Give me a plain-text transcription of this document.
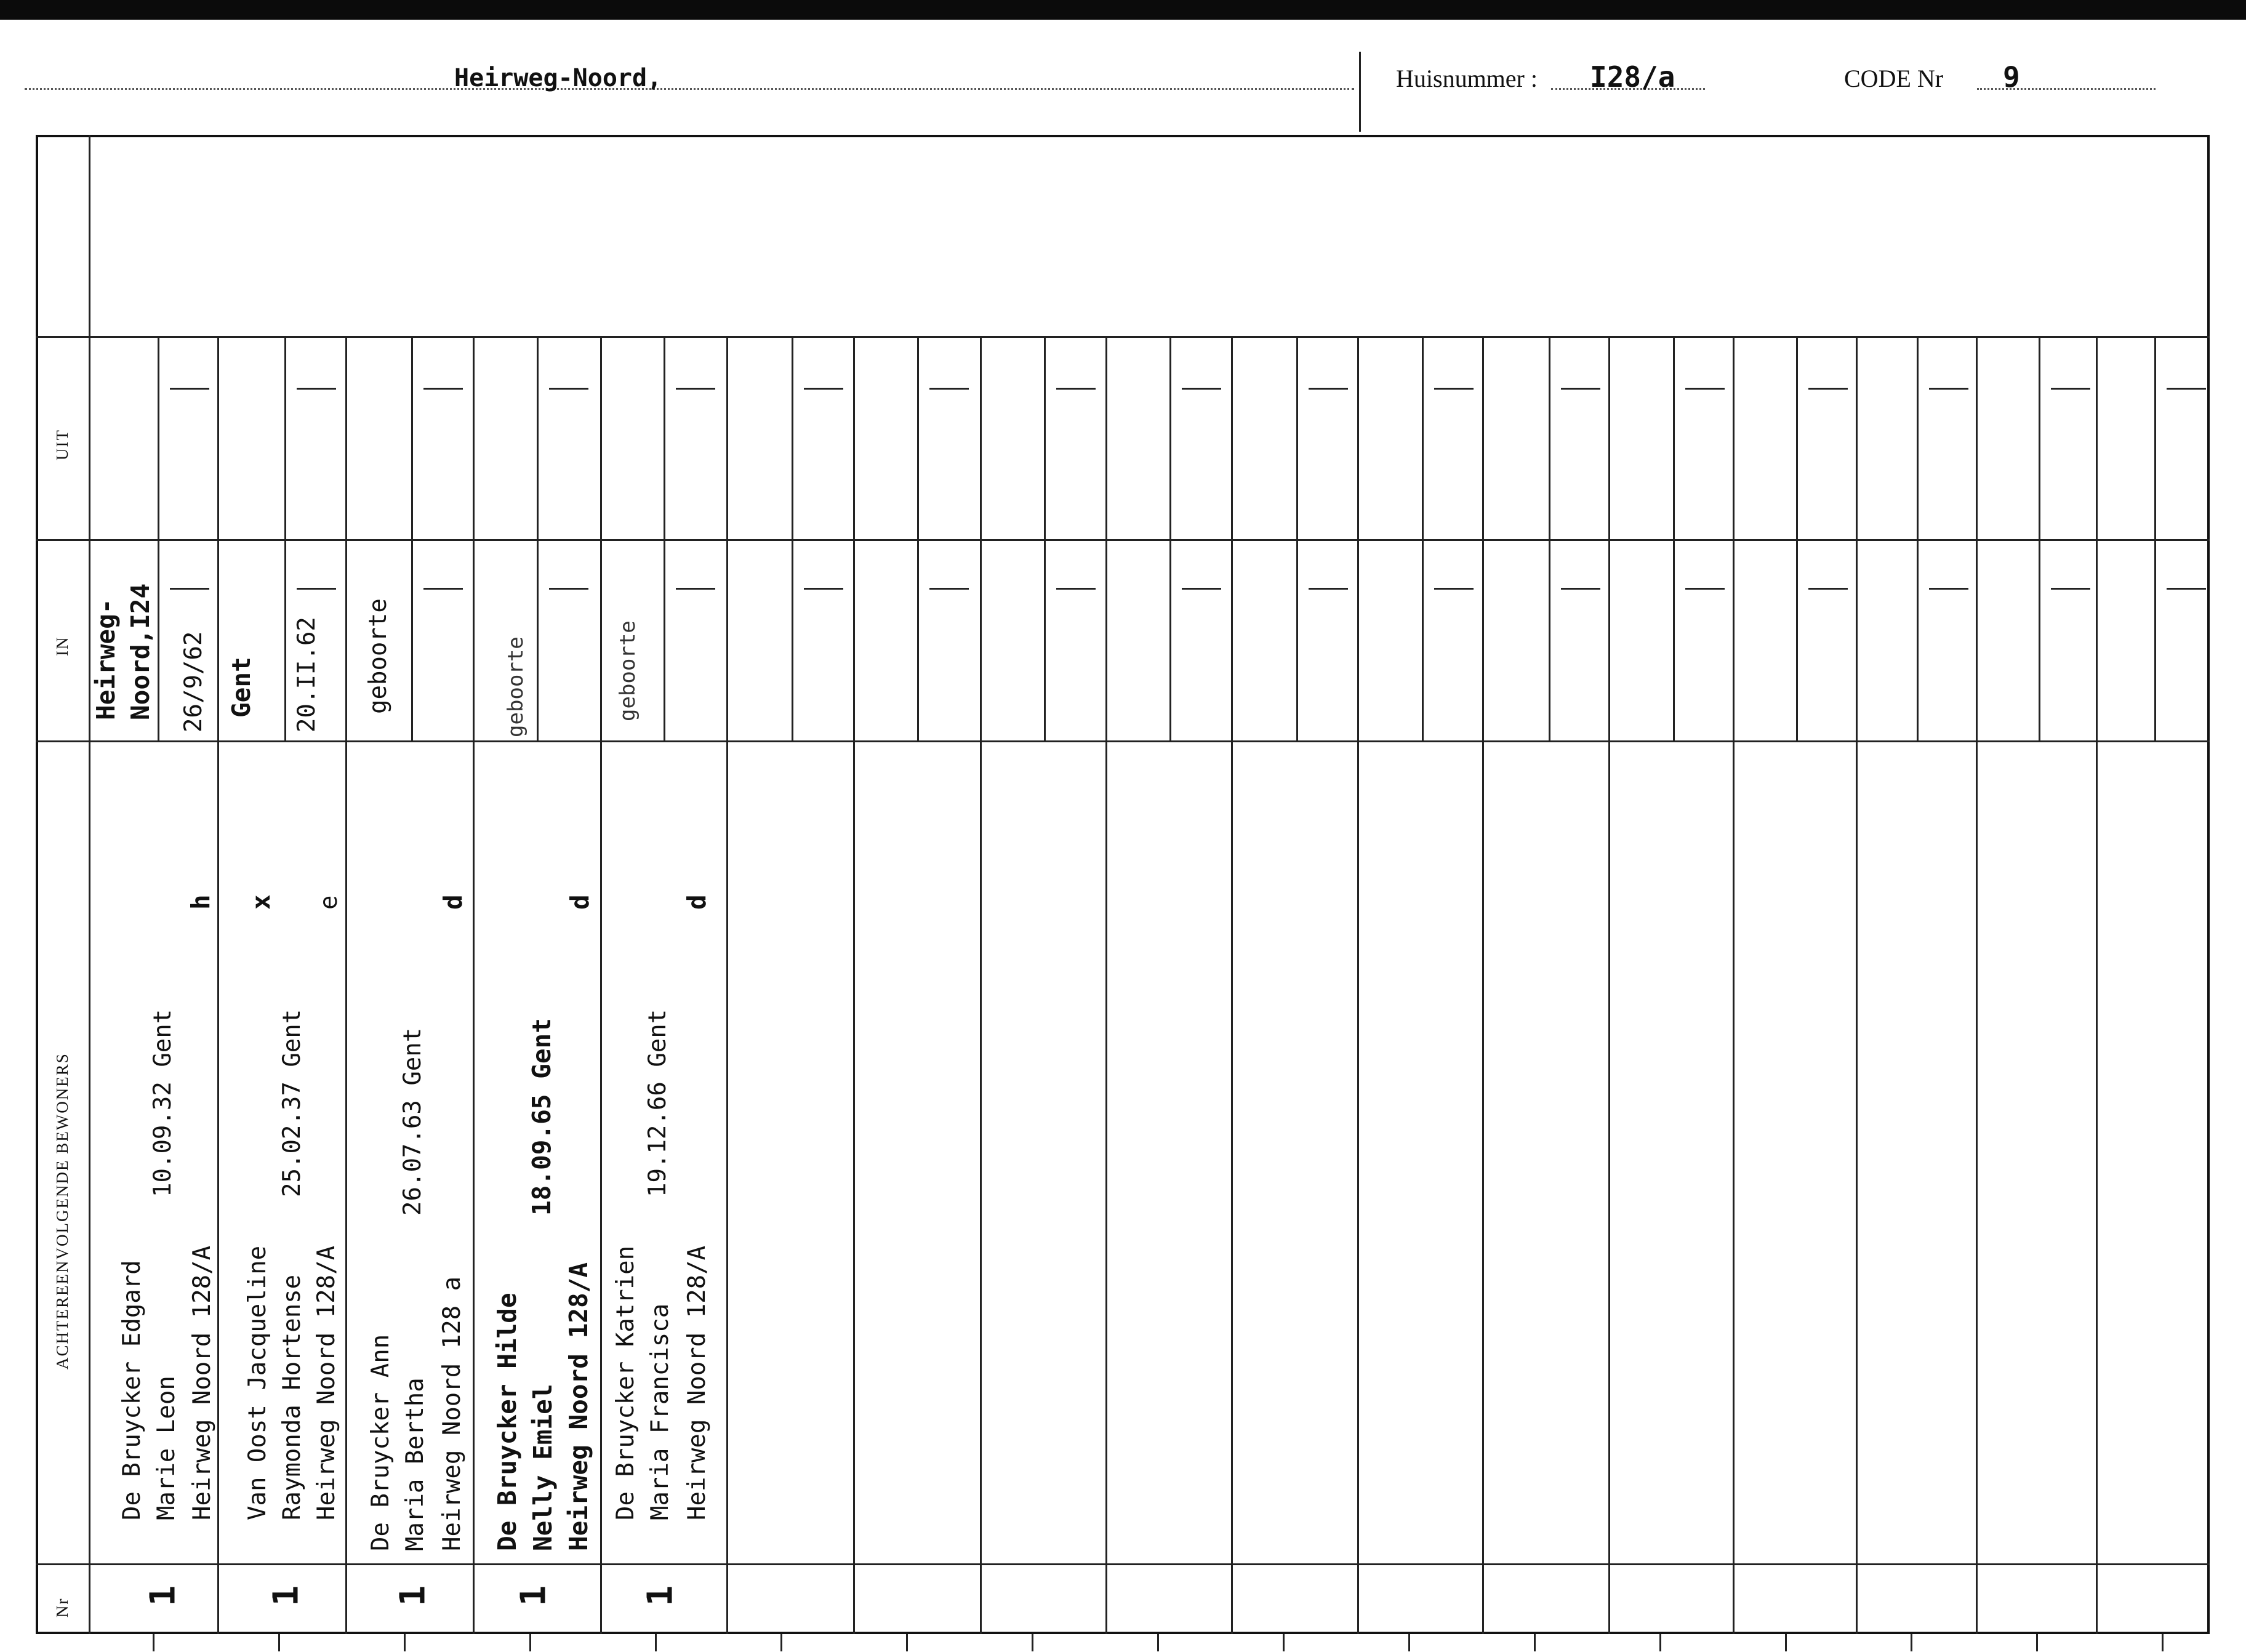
Heirweg-Noord,	Huisnummer : I28/a	CODE Nr 9
UIT
IN
ACHTEREENVOLGENDE BEWONERS
Nr
De Bruycker Edgard Marie Leon Heirweg Noord 128/A
10.09.32 Gent
h
Heirweg- Noord,I24 26/9/62
1
Van Oost Jacqueline Raymonda Hortense Heirweg Noord 128/A
25.02.37 Gent
x e
Gent 20.II.62
1
De Bruycker Ann Maria Bertha Heirweg Noord 128 a
26.07.63 Gent
d
geboorte
1
De Bruycker Hilde Nelly Emiel Heirweg Noord 128/A
18.09.65 Gent
d
geboorte
1
De Bruycker Katrien Maria Francisca Heirweg Noord 128/A
19.12.66 Gent
d
geboorte
1
